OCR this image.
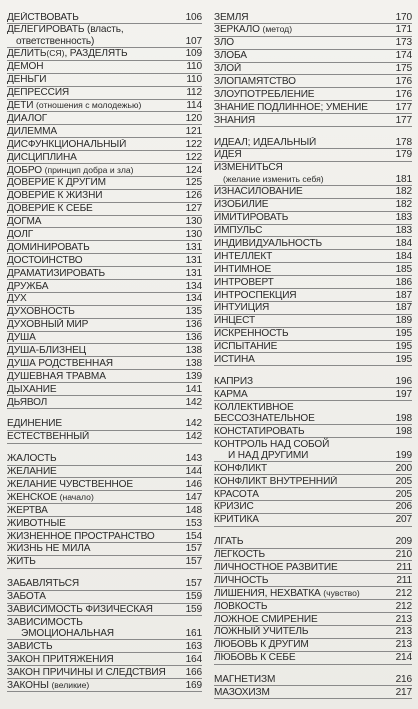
ДЕЙСТВОВАТЬ	106
ДЕЛЕГИРОВАТЬ (власть,
ответственность)	107
ДЕЛИТЬ(СЯ), РАЗДЕЛЯТЬ	109
ДЕМОН	110
ДЕНЬГИ	110
ДЕПРЕССИЯ	112
ДЕТИ (отношения с молодежью)	114
ДИАЛОГ	120
ДИЛЕММА	121
ДИСФУНКЦИОНАЛЬНЫЙ	122
ДИСЦИПЛИНА	122
ДОБРО (принцип добра и зла)	124
ДОВЕРИЕ К ДРУГИМ	125
ДОВЕРИЕ К ЖИЗНИ	126
ДОВЕРИЕ К СЕБЕ	127
ДОГМА	130
ДОЛГ	130
ДОМИНИРОВАТЬ	131
ДОСТОИНСТВО	131
ДРАМАТИЗИРОВАТЬ	131
ДРУЖБА	134
ДУХ	134
ДУХОВНОСТЬ	135
ДУХОВНЫЙ МИР	136
ДУША	136
ДУША-БЛИЗНЕЦ	138
ДУША РОДСТВЕННАЯ	138
ДУШЕВНАЯ ТРАВМА	139
ДЫХАНИЕ	141
ДЬЯВОЛ	142
ЕДИНЕНИЕ	142
ЕСТЕСТВЕННЫЙ	142
ЖАЛОСТЬ	143
ЖЕЛАНИЕ	144
ЖЕЛАНИЕ ЧУВСТВЕННОЕ	146
ЖЕНСКОЕ (начало)	147
ЖЕРТВА	148
ЖИВОТНЫЕ	153
ЖИЗНЕННОЕ ПРОСТРАНСТВО	154
ЖИЗНЬ НЕ МИЛА	157
ЖИТЬ	157
ЗАБАВЛЯТЬСЯ	157
ЗАБОТА	159
ЗАВИСИМОСТЬ ФИЗИЧЕСКАЯ	159
ЗАВИСИМОСТЬ
ЭМОЦИОНАЛЬНАЯ	161
ЗАВИСТЬ	163
ЗАКОН ПРИТЯЖЕНИЯ	164
ЗАКОН ПРИЧИНЫ И СЛЕДСТВИЯ	166
ЗАКОНЫ (великие)	169
ЗЕМЛЯ	170
ЗЕРКАЛО (метод)	171
ЗЛО	173
ЗЛОБА	174
ЗЛОЙ	175
ЗЛОПАМЯТСТВО	176
ЗЛОУПОТРЕБЛЕНИЕ	176
ЗНАНИЕ ПОДЛИННОЕ; УМЕНИЕ	177
ЗНАНИЯ	177
ИДЕАЛ; ИДЕАЛЬНЫЙ	178
ИДЕЯ	179
ИЗМЕНИТЬСЯ
(желание изменить себя)	181
ИЗНАСИЛОВАНИЕ	182
ИЗОБИЛИЕ	182
ИМИТИРОВАТЬ	183
ИМПУЛЬС	183
ИНДИВИДУАЛЬНОСТЬ	184
ИНТЕЛЛЕКТ	184
ИНТИМНОЕ	185
ИНТРОВЕРТ	186
ИНТРОСПЕКЦИЯ	187
ИНТУИЦИЯ	187
ИНЦЕСТ	189
ИСКРЕННОСТЬ	195
ИСПЫТАНИЕ	195
ИСТИНА	195
КАПРИЗ	196
КАРМА	197
КОЛЛЕКТИВНОЕ
БЕССОЗНАТЕЛЬНОЕ	198
КОНСТАТИРОВАТЬ	198
КОНТРОЛЬ НАД СОБОЙ
И НАД ДРУГИМИ	199
КОНФЛИКТ	200
КОНФЛИКТ ВНУТРЕННИЙ	205
КРАСОТА	205
КРИЗИС	206
КРИТИКА	207
ЛГАТЬ	209
ЛЕГКОСТЬ	210
ЛИЧНОСТНОЕ РАЗВИТИЕ	211
ЛИЧНОСТЬ	211
ЛИШЕНИЯ, НЕХВАТКА (чувство)	212
ЛОВКОСТЬ	212
ЛОЖНОЕ СМИРЕНИЕ	213
ЛОЖНЫЙ УЧИТЕЛЬ	213
ЛЮБОВЬ К ДРУГИМ	213
ЛЮБОВЬ К СЕБЕ	214
МАГНЕТИЗМ	216
МАЗОХИЗМ	217
